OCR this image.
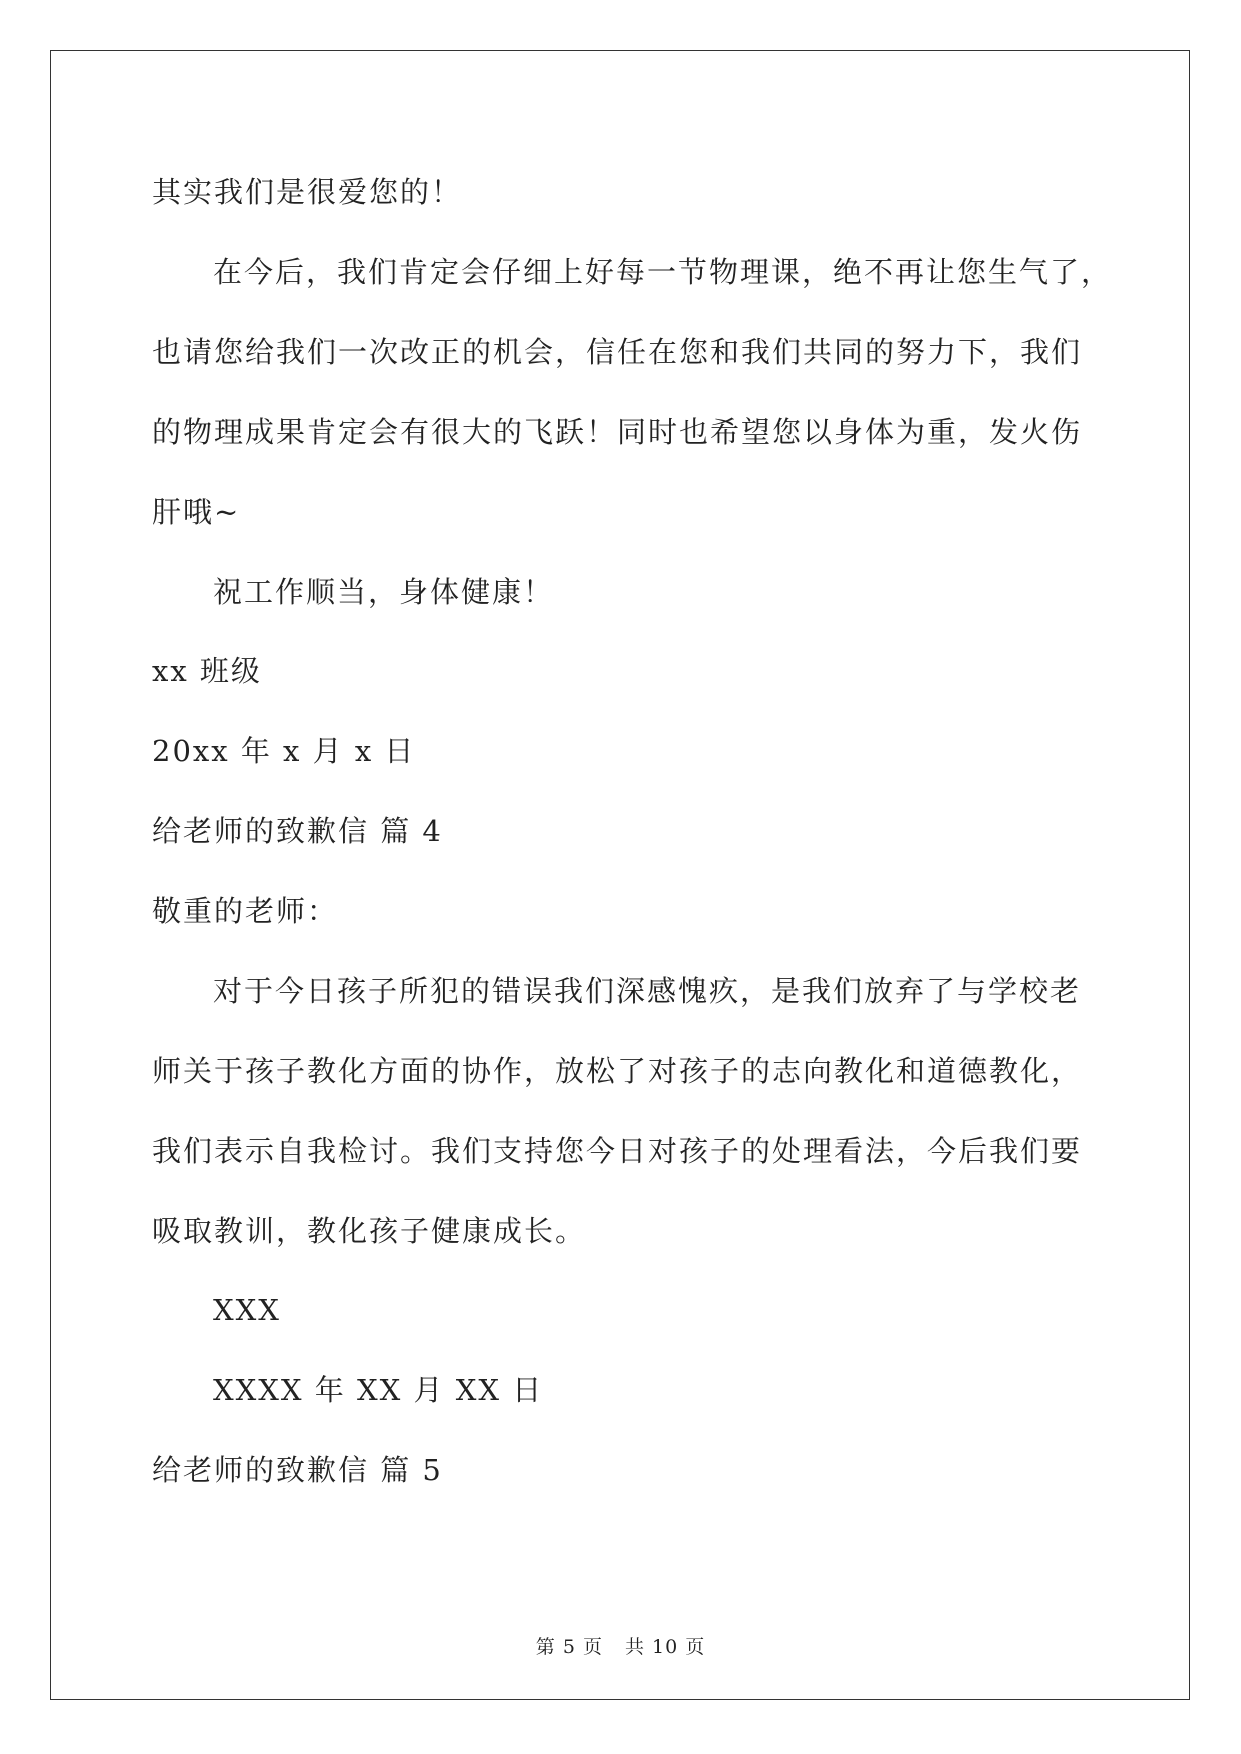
其实我们是很爱您的！
在今后，我们肯定会仔细上好每一节物理课，绝不再让您生气了，
也请您给我们一次改正的机会，信任在您和我们共同的努力下，我们
的物理成果肯定会有很大的飞跃！同时也希望您以身体为重，发火伤
肝哦~
祝工作顺当，身体健康！
xx 班级
20xx 年 x 月 x 日
给老师的致歉信 篇 4
敬重的老师：
对于今日孩子所犯的错误我们深感愧疚，是我们放弃了与学校老
师关于孩子教化方面的协作，放松了对孩子的志向教化和道德教化，
我们表示自我检讨。我们支持您今日对孩子的处理看法，今后我们要
吸取教训，教化孩子健康成长。
XXX
XXXX 年 XX 月 XX 日
给老师的致歉信 篇 5
第 5 页 共 10 页
